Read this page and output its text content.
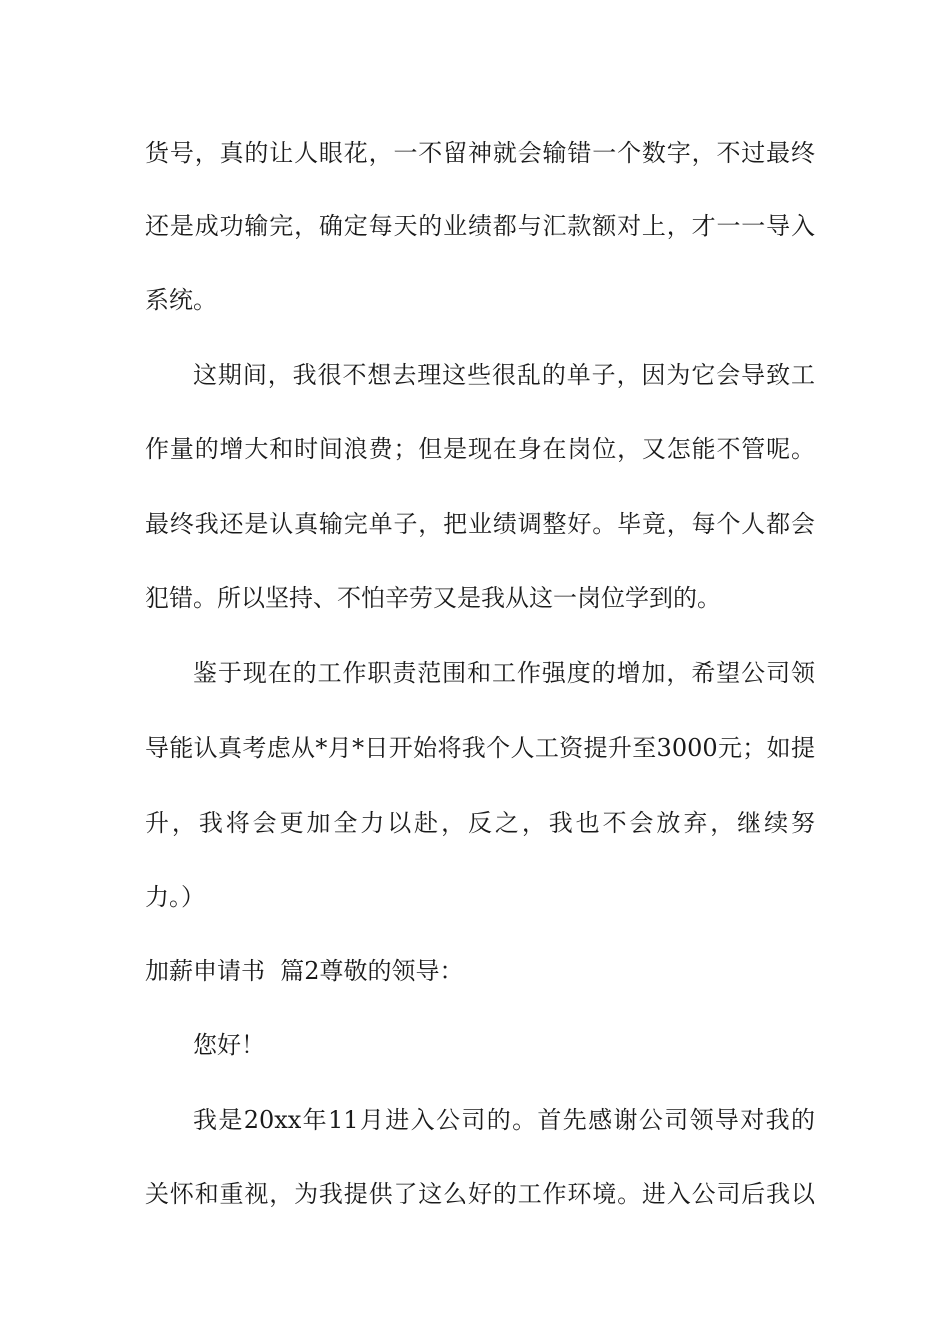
货号，真的让人眼花，一不留神就会输错一个数字，不过最终
还是成功输完，确定每天的业绩都与汇款额对上，才一一导入
系统。
这期间，我很不想去理这些很乱的单子，因为它会导致工
作量的增大和时间浪费；但是现在身在岗位，又怎能不管呢。
最终我还是认真输完单子，把业绩调整好。毕竟，每个人都会
犯错。所以坚持、不怕辛劳又是我从这一岗位学到的。
鉴于现在的工作职责范围和工作强度的增加，希望公司领
导能认真考虑从*月*日开始将我个人工资提升至3000元；如提
升，我将会更加全力以赴，反之，我也不会放弃，继续努
力。）
加薪申请书  篇2尊敬的领导：
您好！
我是20xx年11月进入公司的。首先感谢公司领导对我的
关怀和重视，为我提供了这么好的工作环境。进入公司后我以
